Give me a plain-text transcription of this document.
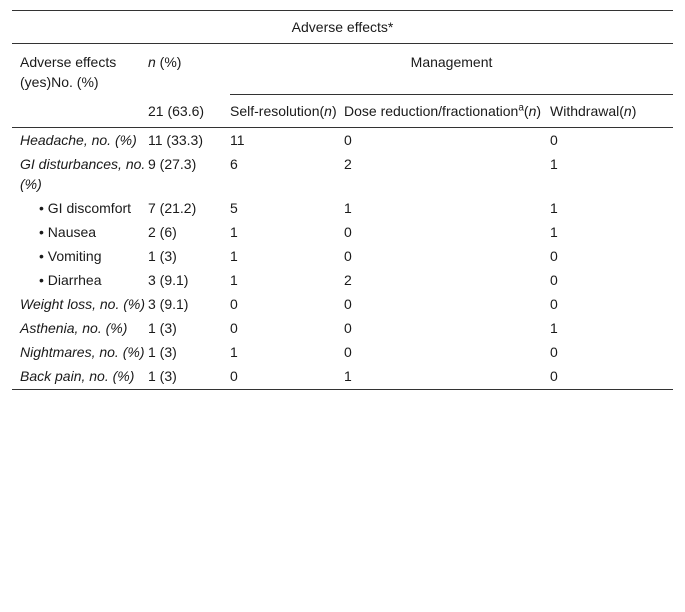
Adverse effects*				
Adverse effects (yes)No. (%)	n (%)	Management		
	21 (63.6)	Self-resolution(n)	Dose reduction/fractionation$^a$(n)	Withdrawal(n)
Headache, no. (%)	11 (33.3)	11	0	0
GI disturbances, no. (%)	9 (27.3)	6	2	1
• GI discomfort	7 (21.2)	5	1	1
• Nausea	2 (6)	1	0	1
• Vomiting	1 (3)	1	0	0
• Diarrhea	3 (9.1)	1	2	0
Weight loss, no. (%)	3 (9.1)	0	0	0
Asthenia, no. (%)	1 (3)	0	0	1
Nightmares, no. (%)	1 (3)	1	0	0
Back pain, no. (%)	1 (3)	0	1	0
